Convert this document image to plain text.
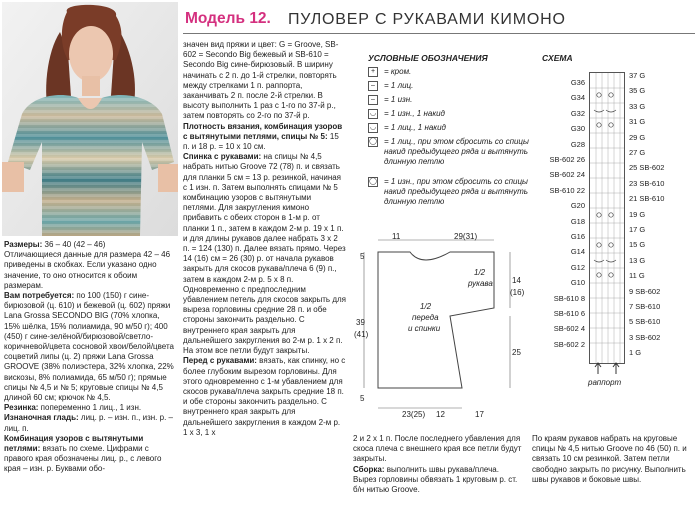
Модель 12. ПУЛОВЕР С РУКАВАМИ КИМОНО

Размеры: 36 – 40 (42 – 46)

Отличающиеся данные для размера 42 – 46 приведены в скобках. Если указано одно значение, то оно относится к обоим размерам.

Вам потребуется: по 100 (150) г сине-бирюзовой (ц. 610) и бежевой (ц. 602) пряжи Lana Grossa SECONDO BIG (70% хлопка, 15% шёлка, 15% полиамида, 90 м/50 г); 400 (450) г сине-зелёной/бирюзовой/светло-коричневой/цвета сосновой хвои/белой/цвета соцветий липы (ц. 2) пряжи Lana Grossa GROOVE (38% полиэстера, 32% хлопка, 22% вискозы, 8% полиамида, 65 м/50 г); прямые спицы № 4,5 и № 5; круговые спицы № 4,5 длиной 60 см; крючок № 4,5.

Резинка: попеременно 1 лиц., 1 изн.

Изнаночная гладь: лиц. р. – изн. п., изн. р. – лиц. п.

Комбинация узоров с вытянутыми петлями: вязать по схеме. Цифрами с правого края обозначены лиц. р., с левого края – изн. р. Буквами обо-

значен вид пряжи и цвет: G = Groove, SB-602 = Secondo Big бежевый и SB-610 = Secondo Big сине-бирюзовый. В ширину начинать с 2 п. до 1-й стрелки, повторять между стрелками 1 п. раппорта, заканчивать 2 п. после 2-й стрелки. В высоту выполнить 1 раз с 1-го по 37-й р., затем повторять со 2-го по 37-й р.

Плотность вязания, комбинация узоров с вытянутыми петлями, спицы № 5: 15 п. и 18 р. = 10 х 10 см.

Спинка с рукавами: на спицы № 4,5 набрать нитью Groove 72 (78) п. и связать для планки 5 см = 13 р. резинкой, начиная с 1 изн. п. Затем выполнять спицами № 5 комбинацию узоров с вытянутыми петлями. Для закругления кимоно прибавить с обеих сторон в 1-м р. от планки 1 п., затем в каждом 2-м р. 19 х 1 п. и для длины рукавов далее набрать 3 х 2 п. = 124 (130) п. Далее вязать прямо. Через 14 (16) см = 26 (30) р. от начала рукавов закрыть для скосов рукава/плеча 6 (9) п., затем в каждом 2-м р. 5 х 8 п. Одновременно с предпоследним убавлением петель для скосов закрыть для выреза горловины средние 28 п. и обе стороны закончить раздельно. С внутреннего края закрыть для дальнейшего закругления во 2-м р. 1 х 2 п. На этом все петли будут закрыты.

Перед с рукавами: вязать, как спинку, но с более глубоким вырезом горловины. Для этого одновременно с 1-м убавлением для скосов рукава/плеча закрыть средние 18 п. и обе стороны закончить раздельно. С внутреннего края закрыть для дальнейшего закругления в каждом 2-м р. 1 х 3, 1 х

УСЛОВНЫЕ ОБОЗНАЧЕНИЯ
+	= кром.
–	= 1 лиц.
–	= 1 изн.
◡ = 1 изн., 1 накид
◡ = 1 лиц., 1 накид
◯ = 1 лиц., при этом сбросить со спицы накид предыдущего ряда и вытянуть длинную петлю
◯ = 1 изн., при этом сбросить со спицы накид предыдущего ряда и вытянуть длинную петлю
СХЕМА
G36
G34
G32
G30
G28
SB-602 26
SB-602 24
SB-610 22
G20
G18
G16
G14
G12
G10
SB-610 8
SB-610 6
SB-602 4
SB-602 2
37 G
35 G
33 G
31 G
29 G
27 G
25 SB-602
23 SB-610
21 SB-610
19 G
17 G
15 G
13 G
11 G
9 SB-602
7 SB-610
5 SB-610
3 SB-602
1 G
раппорт
11	29(31)
14
(16)
25
39
(41)
5
5
23(25)	17
12
1/2
рукава
1/2
переда
и спинки

2 и 2 х 1 п. После последнего убавления для скоса плеча с внешнего края все петли будут закрыты.

Сборка: выполнить швы рукава/плеча. Вырез горловины обвязать 1 круговым р. ст. б/н нитью Groove.

По краям рукавов набрать на круговые спицы № 4,5 нитью Groove по 46 (50) п. и связать 10 см резинкой. Затем петли свободно закрыть по рисунку. Выполнить швы рукавов и боковые швы.
